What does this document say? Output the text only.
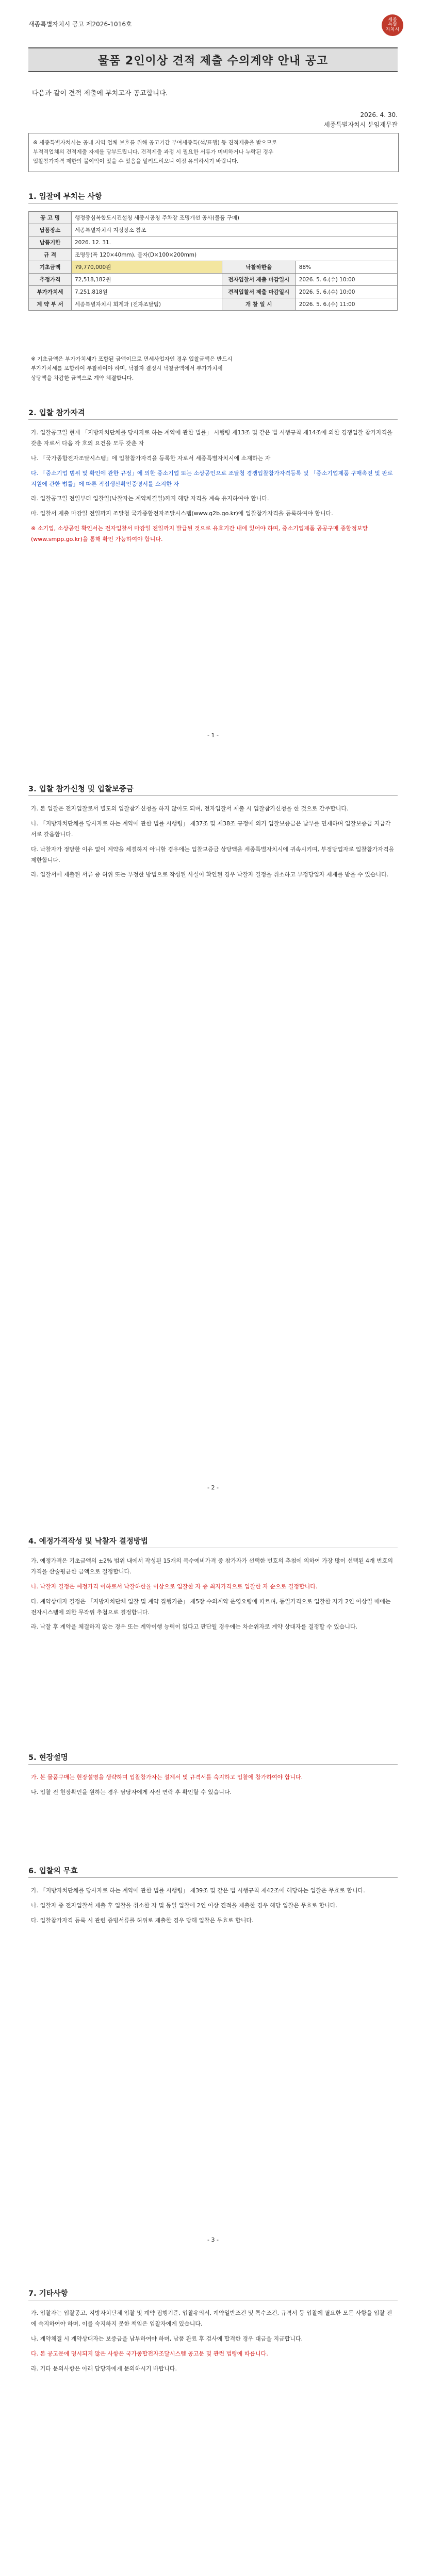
새종특별자치시 공고 제2026-1016호
세종
특별
자치시
물품 2인이상 견적 제출 수의계약 안내 공고
다음과 같이 견적 제출에 부치고자 공고합니다.
2026. 4. 30.
세종특별자치시 분임재무관
※ 세종특별자치시는 공내 지역 업체 보호를 위해 공고기간 부여세종특(석/표행) 등 견적제출을 받으므로
부적격업체의 견적제출 자제를 당부드립니다. 견적제출 과정 시 필요한 서류가 미비하거나 누락된 경우
입찰참가자격 제한의 불이익이 있을 수 있음을 알려드리오니 이점 유의하시기 바랍니다.
1. 입찰에 부치는 사항
공 고 명	행정중심복합도시건설청 세종시공청 주차장 조명개선 공사(물품 구매)		
납품장소	세종특별자치시 지정장소 참조		
납품기한	2026. 12. 31.		
규 격	조명등(폭 120×40mm), 물자(D×100×200mm)		
기초금액	79,770,000원	낙찰하한율	88%
추정가격	72,518,182원	전자입찰서 제출 마감일시	2026. 5. 6.(수) 10:00
부가가치세	7,251,818원	견적입찰서 제출 마감일시	2026. 5. 6.(수) 10:00
계 약 부 서	세종특별자치시 회계과 (전자조달팀)	개 찰 일 시	2026. 5. 6.(수) 11:00
※ 기초금액은 부가가치세가 포함된 금액이므로 면세사업자인 경우 입찰금액은 반드시
부가가치세를 포함하여 투찰하여야 하며, 낙찰자 결정시 낙찰금액에서 부가가치세
상당액을 차감한 금액으로 계약 체결합니다.
2. 입찰 참가자격

가. 입찰공고일 현재 「지방자치단체를 당사자로 하는 계약에 관한 법률」 시행령 제13조 및 같은 법 시행규칙 제14조에 의한 경쟁입찰 참가자격을 갖춘 자로서 다음 각 호의 요건을 모두 갖춘 자

나. 「국가종합전자조달시스템」에 입찰참가자격을 등록한 자로서 세종특별자치시에 소재하는 자

다. 「중소기업 범위 및 확인에 관한 규정」에 의한 중소기업 또는 소상공인으로 조달청 경쟁입찰참가자격등록 및 「중소기업제품 구매촉진 및 판로지원에 관한 법률」에 따른 직접생산확인증명서를 소지한 자

라. 입찰공고일 전일부터 입찰일(낙찰자는 계약체결일)까지 해당 자격을 계속 유지하여야 합니다.

마. 입찰서 제출 마감일 전일까지 조달청 국가종합전자조달시스템(www.g2b.go.kr)에 입찰참가자격을 등록하여야 합니다.

※ 소기업, 소상공인 확인서는 전자입찰서 마감일 전일까지 발급된 것으로 유효기간 내에 있어야 하며, 중소기업제품 공공구매 종합정보망(www.smpp.go.kr)을 통해 확인 가능하여야 합니다.

- 1 -
3. 입찰 참가신청 및 입찰보증금

가. 본 입찰은 전자입찰로서 별도의 입찰참가신청을 하지 않아도 되며, 전자입찰서 제출 시 입찰참가신청을 한 것으로 간주합니다.

나. 「지방자치단체를 당사자로 하는 계약에 관한 법률 시행령」 제37조 및 제38조 규정에 의거 입찰보증금은 납부를 면제하며 입찰보증금 지급각서로 갈음합니다.

다. 낙찰자가 정당한 이유 없이 계약을 체결하지 아니할 경우에는 입찰보증금 상당액을 세종특별자치시에 귀속시키며, 부정당업자로 입찰참가자격을 제한합니다.

라. 입찰서에 제출된 서류 중 허위 또는 부정한 방법으로 작성된 사실이 확인된 경우 낙찰자 결정을 취소하고 부정당업자 제재를 받을 수 있습니다.

- 2 -
4. 예정가격작성 및 낙찰자 결정방법

가. 예정가격은 기초금액의 ±2% 범위 내에서 작성된 15개의 복수예비가격 중 참가자가 선택한 번호의 추첨에 의하여 가장 많이 선택된 4개 번호의 가격을 산술평균한 금액으로 결정합니다.

나. 낙찰자 결정은 예정가격 이하로서 낙찰하한율 이상으로 입찰한 자 중 최저가격으로 입찰한 자 순으로 결정합니다.

다. 계약상대자 결정은 「지방자치단체 입찰 및 계약 집행기준」 제5장 수의계약 운영요령에 따르며, 동일가격으로 입찰한 자가 2인 이상일 때에는 전자시스템에 의한 무작위 추첨으로 결정합니다.

라. 낙찰 후 계약을 체결하지 않는 경우 또는 계약이행 능력이 없다고 판단될 경우에는 차순위자로 계약 상대자를 결정할 수 있습니다.

5. 현장설명

가. 본 물품구매는 현장설명을 생략하며 입찰참가자는 설계서 및 규격서를 숙지하고 입찰에 참가하여야 합니다.

나. 입찰 전 현장확인을 원하는 경우 담당자에게 사전 연락 후 확인할 수 있습니다.

6. 입찰의 무효

가. 「지방자치단체를 당사자로 하는 계약에 관한 법률 시행령」 제39조 및 같은 법 시행규칙 제42조에 해당하는 입찰은 무효로 합니다.

나. 입찰자 중 전자입찰서 제출 후 입찰을 취소한 자 및 동일 입찰에 2인 이상 견적을 제출한 경우 해당 입찰은 무효로 합니다.

다. 입찰참가자격 등록 시 관련 증빙서류를 허위로 제출한 경우 당해 입찰은 무효로 합니다.

- 3 -
7. 기타사항

가. 입찰자는 입찰공고, 지방자치단체 입찰 및 계약 집행기준, 입찰유의서, 계약일반조건 및 특수조건, 규격서 등 입찰에 필요한 모든 사항을 입찰 전에 숙지하여야 하며, 이를 숙지하지 못한 책임은 입찰자에게 있습니다.

나. 계약체결 시 계약상대자는 보증금을 납부하여야 하며, 납품 완료 후 검사에 합격한 경우 대금을 지급합니다.

다. 본 공고문에 명시되지 않은 사항은 국가종합전자조달시스템 공고문 및 관련 법령에 따릅니다.

라. 기타 문의사항은 아래 담당자에게 문의하시기 바랍니다.
